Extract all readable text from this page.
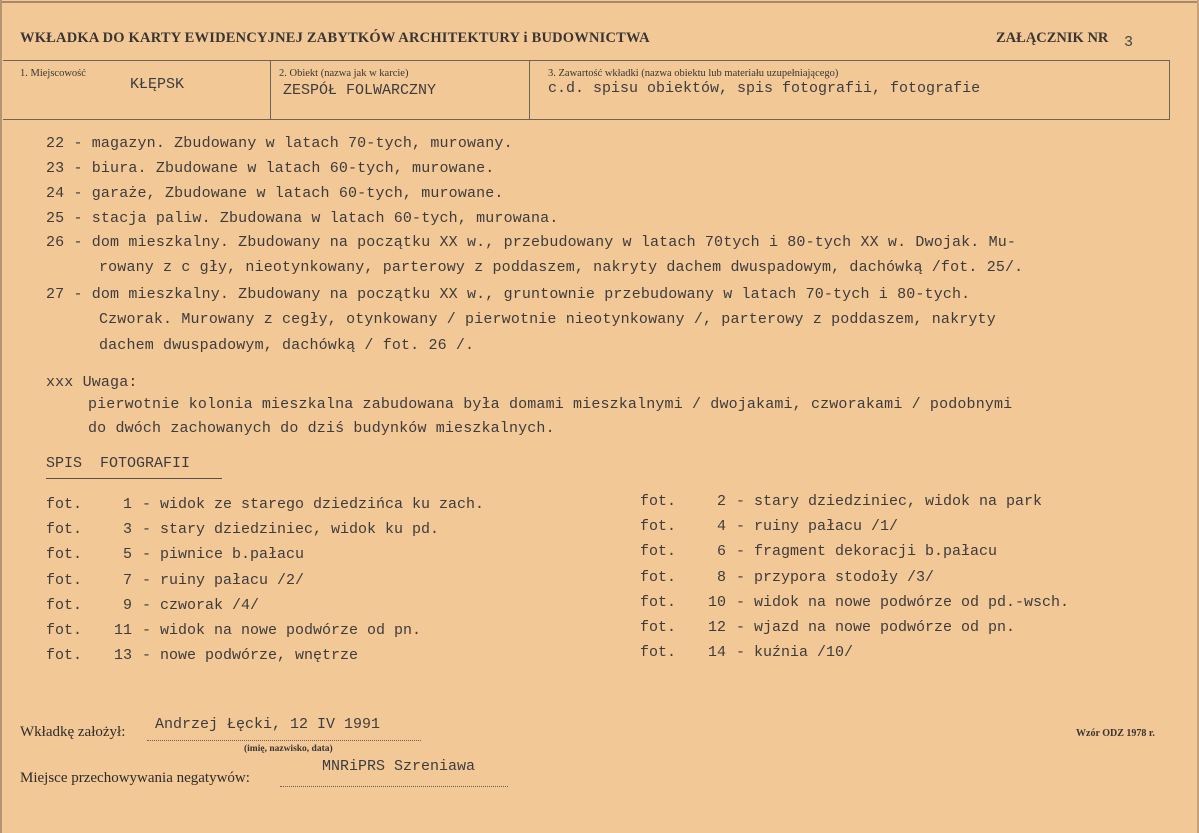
WKŁADKA DO KARTY EWIDENCYJNEJ ZABYTKÓW ARCHITEKTURY i BUDOWNICTWA	ZAŁĄCZNIK NR 3
1. Miejscowość
KŁĘPSK
2. Obiekt (nazwa jak w karcie)
ZESPÓŁ FOLWARCZNY
3. Zawartość wkładki (nazwa obiektu lub materiału uzupełniającego)
c.d. spisu obiektów, spis fotografii, fotografie
22 - magazyn. Zbudowany w latach 70-tych, murowany.
23 - biura. Zbudowane w latach 60-tych, murowane.
24 - garaże, Zbudowane w latach 60-tych, murowane.
25 - stacja paliw. Zbudowana w latach 60-tych, murowana.
26 - dom mieszkalny. Zbudowany na początku XX w., przebudowany w latach 70tych i 80-tych XX w. Dwojak. Mu-
rowany z c gły, nieotynkowany, parterowy z poddaszem, nakryty dachem dwuspadowym, dachówką /fot. 25/.
27 - dom mieszkalny. Zbudowany na początku XX w., gruntownie przebudowany w latach 70-tych i 80-tych.
Czworak. Murowany z cegły, otynkowany / pierwotnie nieotynkowany /, parterowy z poddaszem, nakryty
dachem dwuspadowym, dachówką / fot. 26 /.
xxx Uwaga:
pierwotnie kolonia mieszkalna zabudowana była domami mieszkalnymi / dwojakami, czworakami / podobnymi
do dwóch zachowanych do dziś budynków mieszkalnych.
SPIS  FOTOGRAFII
fot.	1 - widok ze starego dziedzińca ku zach.
fot.	3 - stary dziedziniec, widok ku pd.
fot.	5 - piwnice b.pałacu
fot.	7 - ruiny pałacu /2/
fot.	9 - czworak /4/
fot. 11 - widok na nowe podwórze od pn.
fot. 13 - nowe podwórze, wnętrze
fot.	2 - stary dziedziniec, widok na park
fot.	4 - ruiny pałacu /1/
fot.	6 - fragment dekoracji b.pałacu
fot.	8 - przypora stodoły /3/
fot. 10 - widok na nowe podwórze od pd.-wsch.
fot. 12 - wjazd na nowe podwórze od pn.
fot. 14 - kuźnia /10/
Wkładkę założył: Andrzej Łęcki, 12 IV 1991
(imię, nazwisko, data)
Miejsce przechowywania negatywów:
MNRiPRS Szreniawa
Wzór ODZ 1978 r.
